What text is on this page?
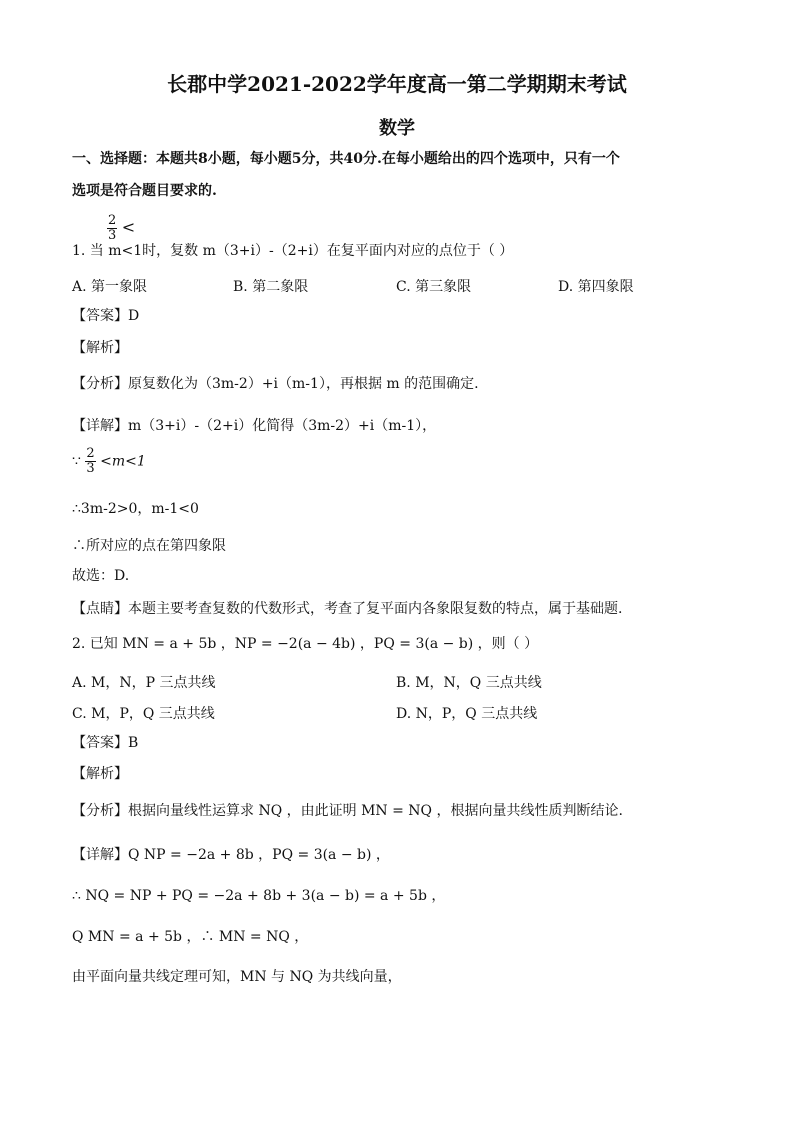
长郡中学2021-2022学年度高一第二学期期末考试
数学
一、选择题：本题共8小题，每小题5分，共40分.在每小题给出的四个选项中，只有一个
选项是符合题目要求的.
$\frac{2}{3}$ <
1. 当 m<1时，复数 m（3+i）-（2+i）在复平面内对应的点位于（ ）
A. 第一象限	B. 第二象限	C. 第三象限	D. 第四象限
【答案】D
【解析】
【分析】原复数化为（3m-2）+i（m-1），再根据 m 的范围确定.
【详解】m（3+i）-（2+i）化简得（3m-2）+i（m-1），
∵ $\frac{2}{3} <m<1$
∴3m-2>0，m-1<0
∴所对应的点在第四象限
故选：D.
【点睛】本题主要考查复数的代数形式，考查了复平面内各象限复数的特点，属于基础题.
2. 已知 MN = a + 5b ，NP = −2(a − 4b) ，PQ = 3(a − b) ，则（ ）
A. M，N，P 三点共线	B. M，N，Q 三点共线
C. M，P，Q 三点共线	D. N，P，Q 三点共线
【答案】B
【解析】
【分析】根据向量线性运算求 NQ ，由此证明 MN = NQ ，根据向量共线性质判断结论.
【详解】Q NP = −2a + 8b ，PQ = 3(a − b) ，
∴ NQ = NP + PQ = −2a + 8b + 3(a − b) = a + 5b ，
Q MN = a + 5b ，∴ MN = NQ ，
由平面向量共线定理可知，MN 与 NQ 为共线向量，
